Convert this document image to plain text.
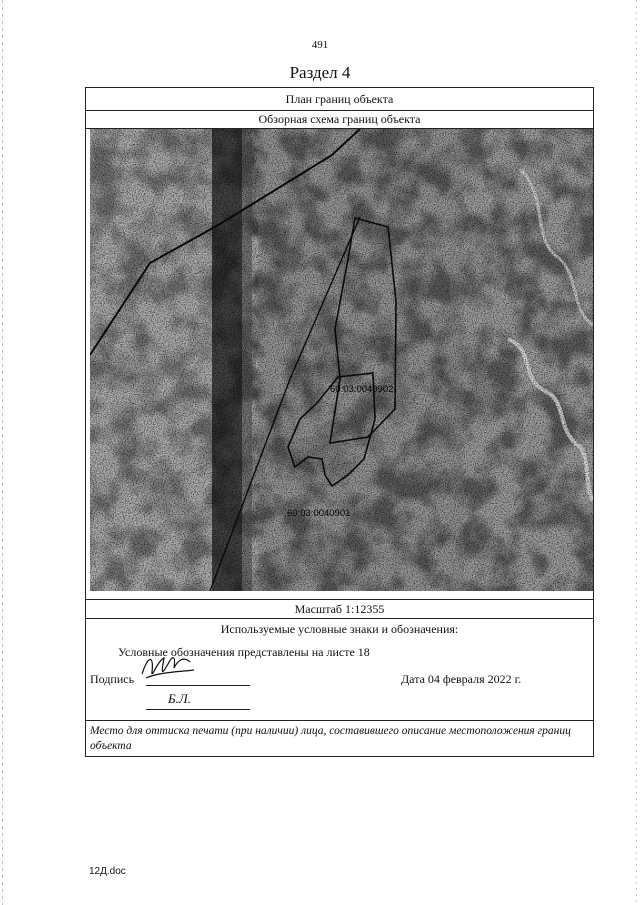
491
Раздел 4
План границ объекта
Обзорная схема границ объекта
60:03:0040902
60:03:0040901
Масштаб 1:12355
Используемые условные знаки и обозначения:
Условные обозначения представлены на листе 18
Подпись
Б.Л.
Дата 04 февраля 2022 г.
Место для оттиска печати (при наличии) лица, составившего описание местоположения границ объекта
12Д.doc
